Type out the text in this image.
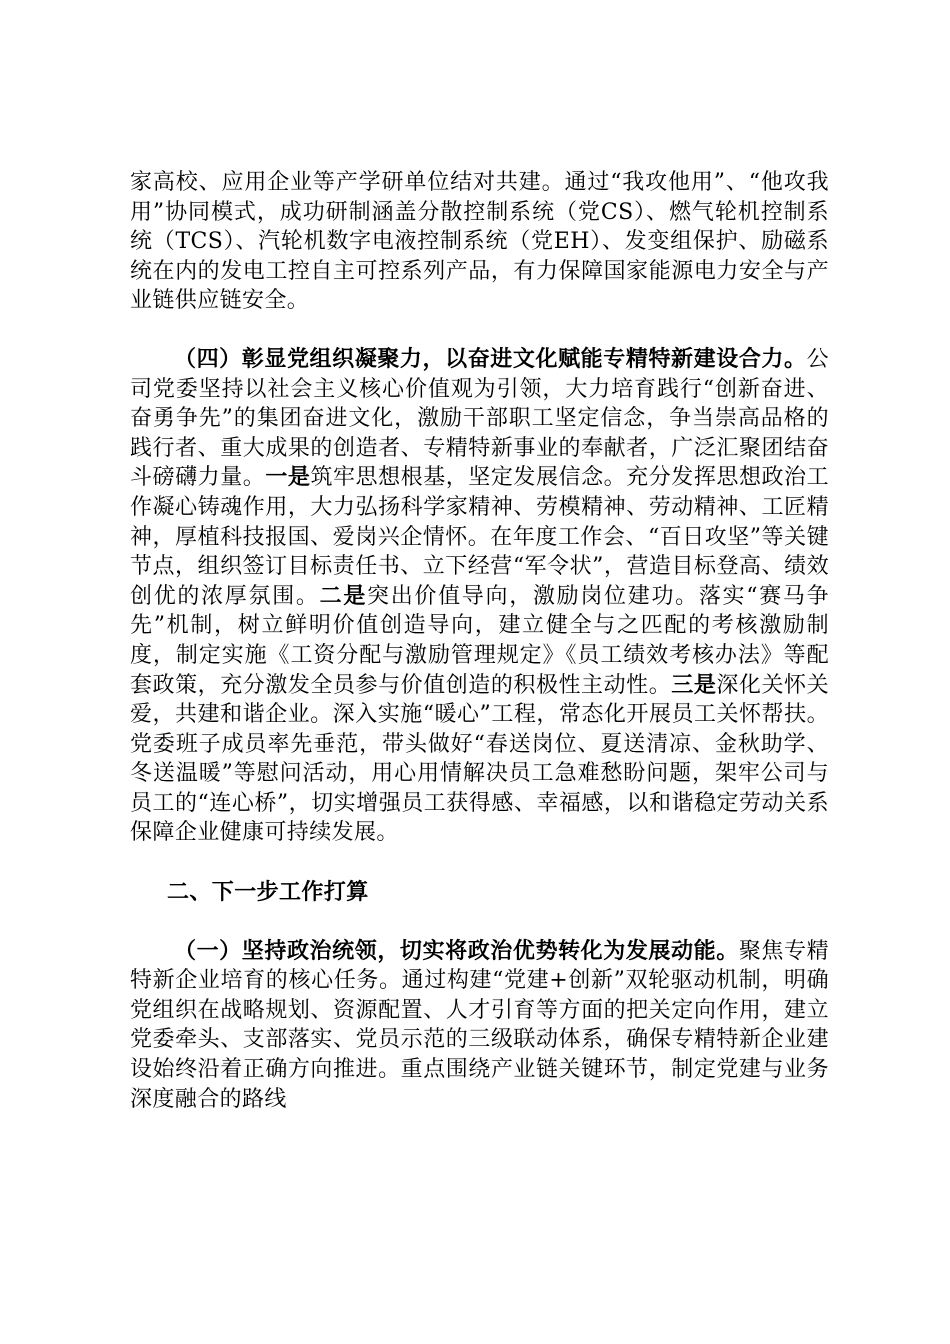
家高校、应用企业等产学研单位结对共建。通过“我攻他用”、“他攻我用”协同模式，成功研制涵盖分散控制系统（党CS）、燃气轮机控制系统（TCS）、汽轮机数字电液控制系统（党EH）、发变组保护、励磁系统在内的发电工控自主可控系列产品，有力保障国家能源电力安全与产业链供应链安全。

（四）彰显党组织凝聚力，以奋进文化赋能专精特新建设合力。公司党委坚持以社会主义核心价值观为引领，大力培育践行“创新奋进、奋勇争先”的集团奋进文化，激励干部职工坚定信念，争当崇高品格的践行者、重大成果的创造者、专精特新事业的奉献者，广泛汇聚团结奋斗磅礴力量。一是筑牢思想根基，坚定发展信念。充分发挥思想政治工作凝心铸魂作用，大力弘扬科学家精神、劳模精神、劳动精神、工匠精神，厚植科技报国、爱岗兴企情怀。在年度工作会、“百日攻坚”等关键节点，组织签订目标责任书、立下经营“军令状”，营造目标登高、绩效创优的浓厚氛围。二是突出价值导向，激励岗位建功。落实“赛马争先”机制，树立鲜明价值创造导向，建立健全与之匹配的考核激励制度，制定实施《工资分配与激励管理规定》《员工绩效考核办法》等配套政策，充分激发全员参与价值创造的积极性主动性。三是深化关怀关爱，共建和谐企业。深入实施“暖心”工程，常态化开展员工关怀帮扶。党委班子成员率先垂范，带头做好“春送岗位、夏送清凉、金秋助学、冬送温暖”等慰问活动，用心用情解决员工急难愁盼问题，架牢公司与员工的“连心桥”，切实增强员工获得感、幸福感，以和谐稳定劳动关系保障企业健康可持续发展。

二、下一步工作打算

（一）坚持政治统领，切实将政治优势转化为发展动能。聚焦专精特新企业培育的核心任务。通过构建“党建+创新”双轮驱动机制，明确党组织在战略规划、资源配置、人才引育等方面的把关定向作用，建立党委牵头、支部落实、党员示范的三级联动体系，确保专精特新企业建设始终沿着正确方向推进。重点围绕产业链关键环节，制定党建与业务深度融合的路线
